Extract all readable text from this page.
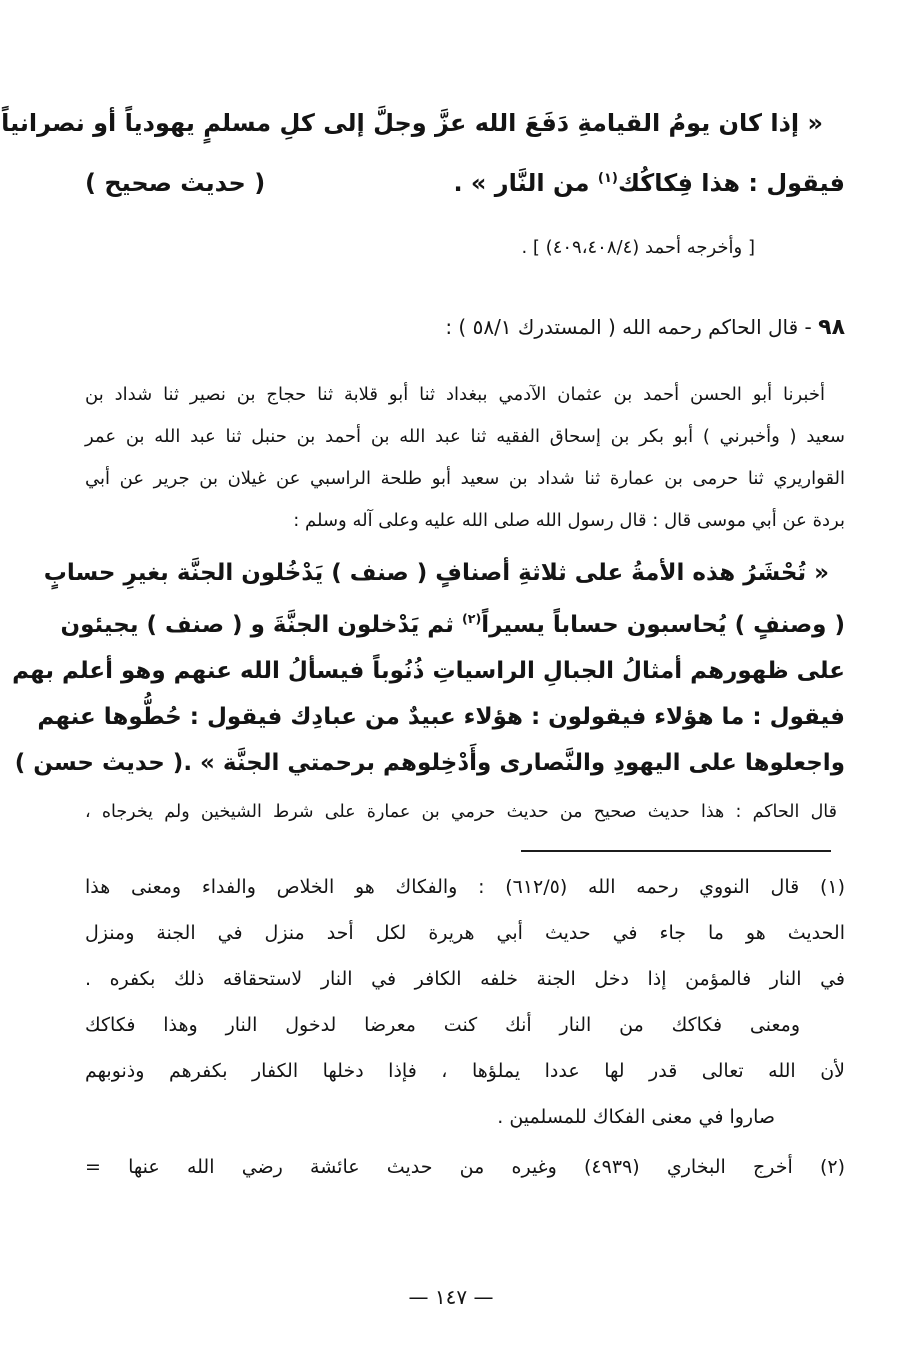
« إذا كان يومُ القيامةِ دَفَعَ الله عزَّ وجلَّ إلى كلِ مسلمٍ يهودياً أو نصرانياً
فيقول : هذا فِكاكُك$^{(١)}$ من النَّار » .
( حديث صحيح )
[ وأخرجه أحمد (٤٠٩،٤٠٨/٤) ] .
٩٨ - قال الحاكم رحمه الله ( المستدرك ٥٨/١ ) :
أخبرنا أبو الحسن أحمد بن عثمان الآدمي ببغداد ثنا أبو قلابة ثنا حجاج بن نصير ثنا شداد بن
سعيد ( وأخبرني ) أبو بكر بن إسحاق الفقيه ثنا عبد الله بن أحمد بن حنبل ثنا عبد الله بن عمر
القواريري ثنا حرمى بن عمارة ثنا شداد بن سعيد أبو طلحة الراسبي عن غيلان بن جرير عن أبي
بردة عن أبي موسى قال : قال رسول الله صلى الله عليه وعلى آله وسلم :
« تُحْشَرُ هذه الأمةُ على ثلاثةِ أصنافٍ ( صنف ) يَدْخُلون الجنَّة بغيرِ حسابٍ
( وصنفٍ ) يُحاسبون حساباً يسيراً$^{(٢)}$ ثم يَدْخلون الجنَّةَ و ( صنف ) يجيئون
على ظهورهم أمثالُ الجبالِ الراسياتِ ذُنُوباً فيسألُ الله عنهم وهو أعلم بهم
فيقول : ما هؤلاء فيقولون : هؤلاء عبيدٌ من عبادِك فيقول : حُطُّوها عنهم
واجعلوها على اليهودِ والنَّصارى وأَدْخِلوهم برحمتي الجنَّة » .( حديث حسن )
قال الحاكم : هذا حديث صحيح من حديث حرمي بن عمارة على شرط الشيخين ولم يخرجاه ،
(١) قال النووي رحمه الله (٦١٢/٥) : والفكاك هو الخلاص والفداء ومعنى هذا
الحديث هو ما جاء في حديث أبي هريرة لكل أحد منزل في الجنة ومنزل
في النار فالمؤمن إذا دخل الجنة خلفه الكافر في النار لاستحقاقه ذلك بكفره .
ومعنى فكاكك من النار أنك كنت معرضا لدخول النار وهذا فكاكك
لأن الله تعالى قدر لها عددا يملؤها ، فإذا دخلها الكفار بكفرهم وذنوبهم
صاروا في معنى الفكاك للمسلمين .
(٢) أخرج البخاري (٤٩٣٩) وغيره من حديث عائشة رضي الله عنها =
— ١٤٧ —
